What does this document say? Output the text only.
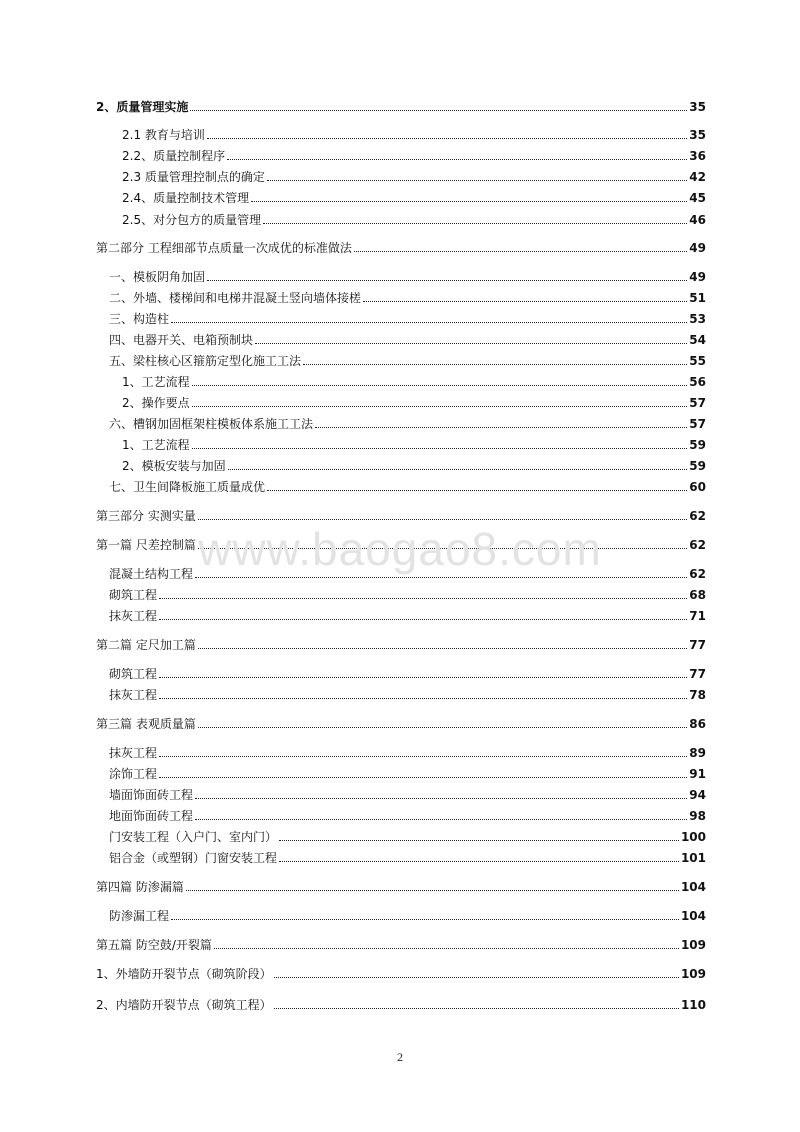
2、质量管理实施	35
2.1 教育与培训	35
2.2、质量控制程序	36
2.3 质量管理控制点的确定	42
2.4、质量控制技术管理	45
2.5、对分包方的质量管理	46
第二部分 工程细部节点质量一次成优的标准做法	49
一、模板阴角加固	49
二、外墙、楼梯间和电梯井混凝土竖向墙体接槎	51
三、构造柱	53
四、电器开关、电箱预制块	54
五、梁柱核心区箍筋定型化施工工法	55
1、工艺流程	56
2、操作要点	57
六、槽钢加固框架柱模板体系施工工法	57
1、工艺流程	59
2、模板安装与加固	59
七、卫生间降板施工质量成优	60
第三部分 实测实量	62
第一篇 尺差控制篇	62
混凝土结构工程	62
砌筑工程	68
抹灰工程	71
第二篇 定尺加工篇	77
砌筑工程	77
抹灰工程	78
第三篇 表观质量篇	86
抹灰工程	89
涂饰工程	91
墙面饰面砖工程	94
地面饰面砖工程	98
门安装工程（入户门、室内门）	100
铝合金（或塑钢）门窗安装工程	101
第四篇 防渗漏篇	104
防渗漏工程	104
第五篇 防空鼓/开裂篇	109
1、外墙防开裂节点（砌筑阶段）	109
2、内墙防开裂节点（砌筑工程）	110
www.baogao8.com
2
